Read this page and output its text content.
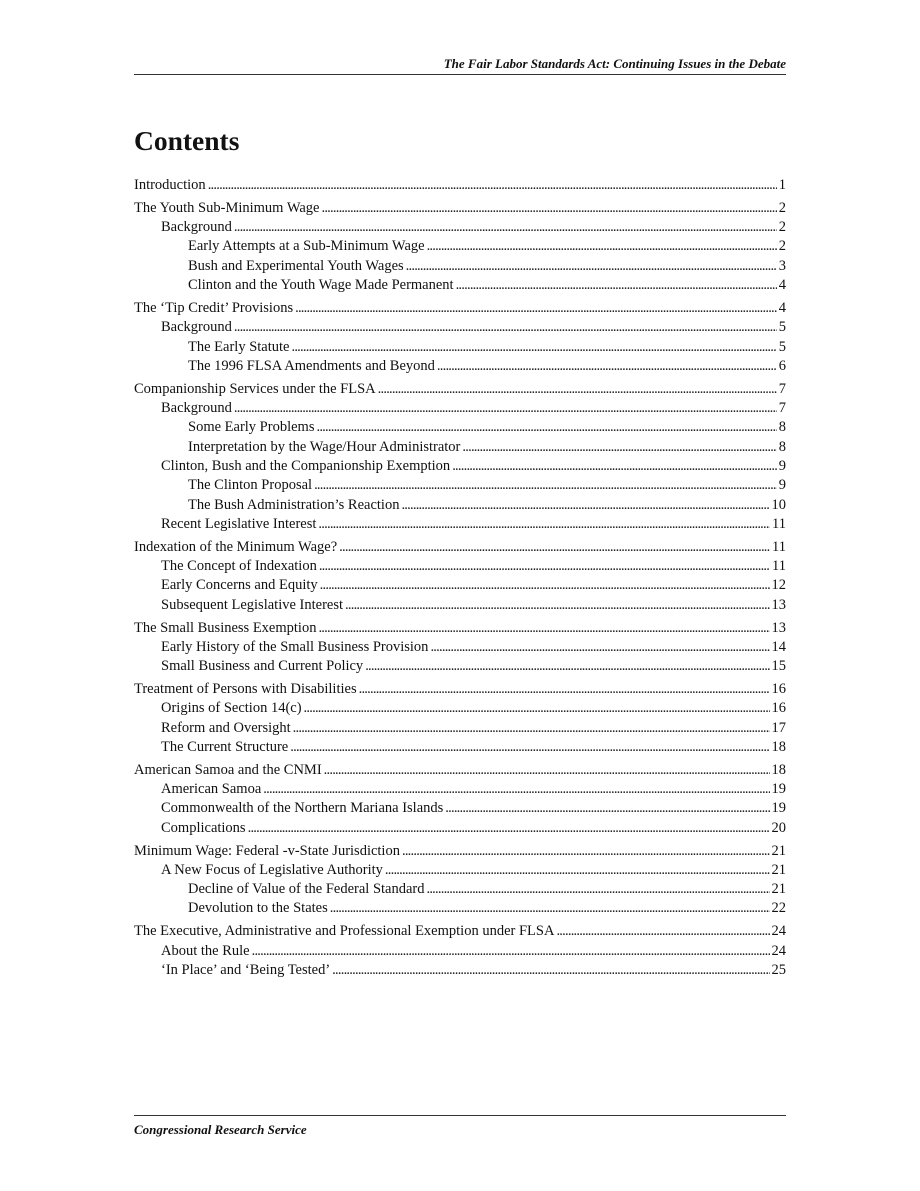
The Fair Labor Standards Act: Continuing Issues in the Debate
Contents
Introduction . . .	1
The Youth Sub-Minimum Wage . . .	2
Background . . .	2
Early Attempts at a Sub-Minimum Wage . . .	2
Bush and Experimental Youth Wages . . .	3
Clinton and the Youth Wage Made Permanent . . .	4
The ‘Tip Credit’ Provisions . . .	4
Background . . .	5
The Early Statute . . .	5
The 1996 FLSA Amendments and Beyond . . .	6
Companionship Services under the FLSA . . .	7
Background . . .	7
Some Early Problems . . .	8
Interpretation by the Wage/Hour Administrator . . .	8
Clinton, Bush and the Companionship Exemption . . .	9
The Clinton Proposal . . .	9
The Bush Administration’s Reaction . . .	10
Recent Legislative Interest . . .	11
Indexation of the Minimum Wage? . . .	11
The Concept of Indexation . . .	11
Early Concerns and Equity . . .	12
Subsequent Legislative Interest . . .	13
The Small Business Exemption . . .	13
Early History of the Small Business Provision . . .	14
Small Business and Current Policy . . .	15
Treatment of Persons with Disabilities . . .	16
Origins of Section 14(c) . . .	16
Reform and Oversight . . .	17
The Current Structure . . .	18
American Samoa and the CNMI . . .	18
American Samoa . . .	19
Commonwealth of the Northern Mariana Islands . . .	19
Complications . . .	20
Minimum Wage: Federal -v-State Jurisdiction . . .	21
A New Focus of Legislative Authority . . .	21
Decline of Value of the Federal Standard . . .	21
Devolution to the States . . .	22
The Executive, Administrative and Professional Exemption under FLSA . . .	24
About the Rule . . .	24
‘In Place’ and ‘Being Tested’ . . .	25
Congressional Research Service
